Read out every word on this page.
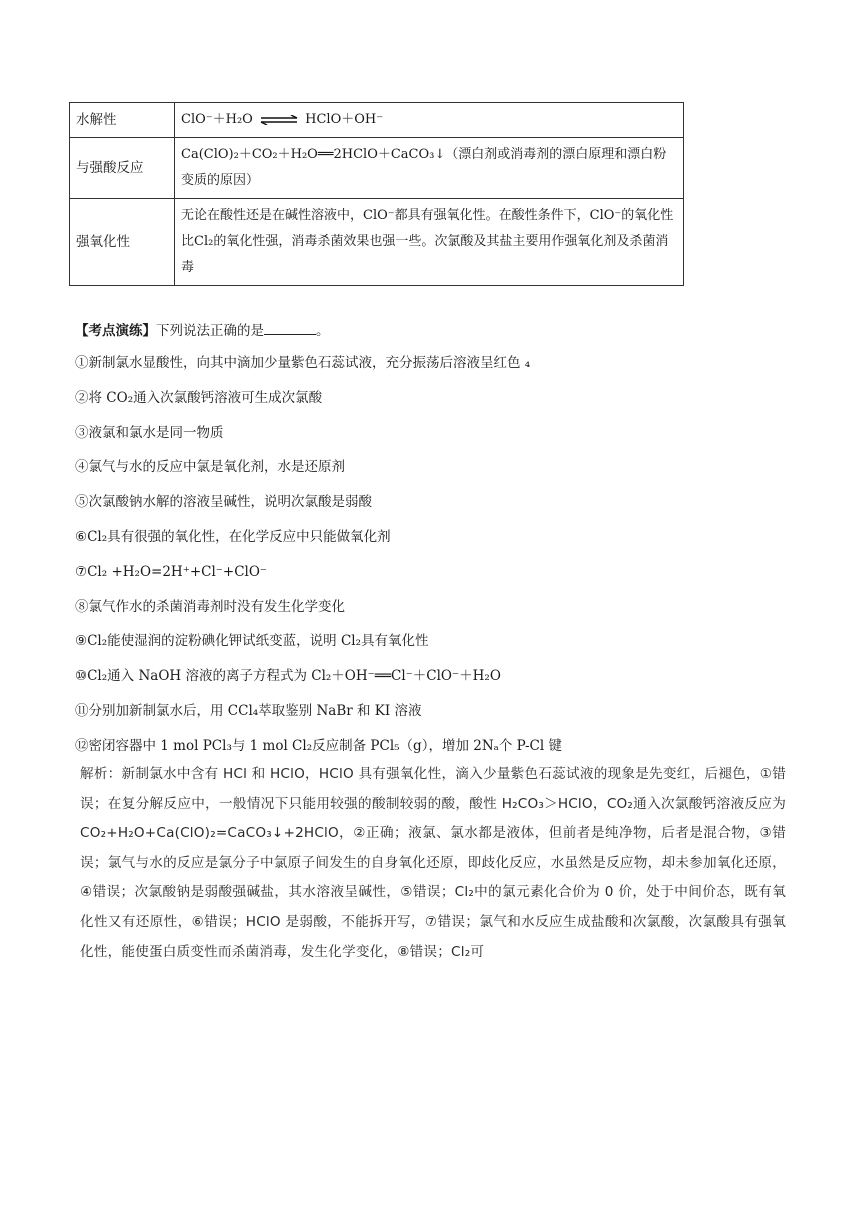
水解性	ClO⁻＋H₂O ⇌ HClO＋OH⁻
与强酸反应	Ca(ClO)₂＋CO₂＋H₂O══2HClO＋CaCO₃↓（漂白剂或消毒剂的漂白原理和漂白粉变质的原因）
强氧化性	无论在酸性还是在碱性溶液中，ClO⁻都具有强氧化性。在酸性条件下，ClO⁻的氧化性比Cl₂的氧化性强，消毒杀菌效果也强一些。次氯酸及其盐主要用作强氧化剂及杀菌消毒
【考点演练】下列说法正确的是	。
①新制氯水显酸性，向其中滴加少量紫色石蕊试液，充分振荡后溶液呈红色 ₄
②将 CO₂通入次氯酸钙溶液可生成次氯酸
③液氯和氯水是同一物质
④氯气与水的反应中氯是氧化剂，水是还原剂
⑤次氯酸钠水解的溶液呈碱性，说明次氯酸是弱酸
⑥Cl₂具有很强的氧化性，在化学反应中只能做氧化剂
⑦Cl₂ +H₂O=2H⁺+Cl⁻+ClO⁻
⑧氯气作水的杀菌消毒剂时没有发生化学变化
⑨Cl₂能使湿润的淀粉碘化钾试纸变蓝，说明 Cl₂具有氧化性
⑩Cl₂通入 NaOH 溶液的离子方程式为 Cl₂＋OH⁻══Cl⁻＋ClO⁻＋H₂O
⑪分别加新制氯水后，用 CCl₄萃取鉴别 NaBr 和 KI 溶液
⑫密闭容器中 1 mol PCl₃与 1 mol Cl₂反应制备 PCl₅（g），增加 2Nₐ个 P-Cl 键

解析：新制氯水中含有 HCl 和 HClO，HClO 具有强氧化性，滴入少量紫色石蕊试液的现象是先变红，后褪色，①错误；在复分解反应中，一般情况下只能用较强的酸制较弱的酸，酸性 H₂CO₃＞HClO，CO₂通入次氯酸钙溶液反应为 CO₂+H₂O+Ca(ClO)₂=CaCO₃↓+2HClO，②正确；液氯、氯水都是液体，但前者是纯净物，后者是混合物，③错误；氯气与水的反应是氯分子中氯原子间发生的自身氧化还原，即歧化反应，水虽然是反应物，却未参加氧化还原，④错误；次氯酸钠是弱酸强碱盐，其水溶液呈碱性，⑤错误；Cl₂中的氯元素化合价为 0 价，处于中间价态，既有氧化性又有还原性，⑥错误；HClO 是弱酸，不能拆开写，⑦错误；氯气和水反应生成盐酸和次氯酸，次氯酸具有强氧化性，能使蛋白质变性而杀菌消毒，发生化学变化，⑧错误；Cl₂可
